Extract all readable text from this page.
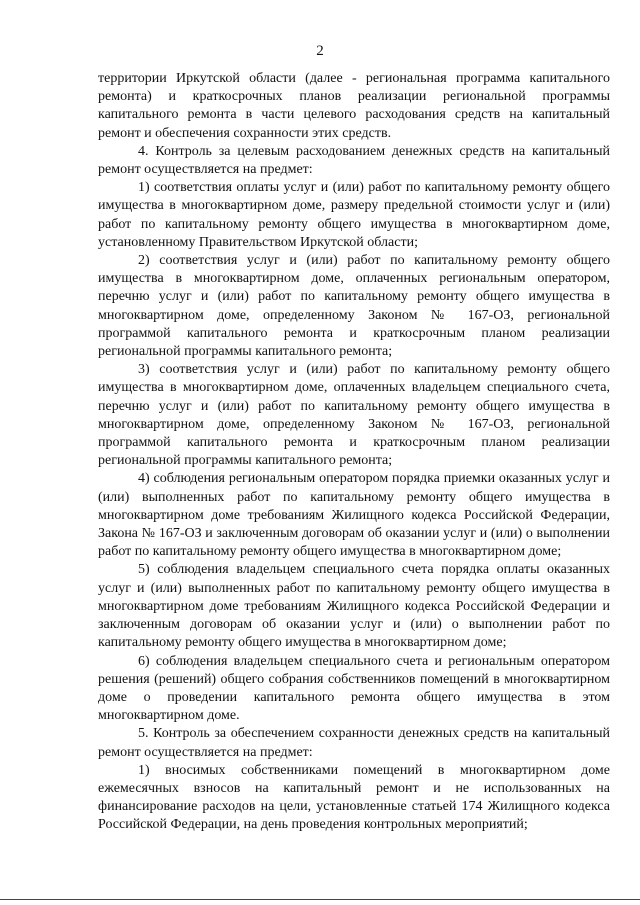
2

территории Иркутской области (далее - региональная программа капитального ремонта) и краткосрочных планов реализации региональной программы капитального ремонта в части целевого расходования средств на капитальный ремонт и обеспечения сохранности этих средств.

4. Контроль за целевым расходованием денежных средств на капитальный ремонт осуществляется на предмет:

1) соответствия оплаты услуг и (или) работ по капитальному ремонту общего имущества в многоквартирном доме, размеру предельной стоимости услуг и (или) работ по капитальному ремонту общего имущества в многоквартирном доме, установленному Правительством Иркутской области;

2) соответствия услуг и (или) работ по капитальному ремонту общего имущества в многоквартирном доме, оплаченных региональным оператором, перечню услуг и (или) работ по капитальному ремонту общего имущества в многоквартирном доме, определенному Законом № 167-ОЗ, региональной программой капитального ремонта и краткосрочным планом реализации региональной программы капитального ремонта;

3) соответствия услуг и (или) работ по капитальному ремонту общего имущества в многоквартирном доме, оплаченных владельцем специального счета, перечню услуг и (или) работ по капитальному ремонту общего имущества в многоквартирном доме, определенному Законом № 167-ОЗ, региональной программой капитального ремонта и краткосрочным планом реализации региональной программы капитального ремонта;

4) соблюдения региональным оператором порядка приемки оказанных услуг и (или) выполненных работ по капитальному ремонту общего имущества в многоквартирном доме требованиям Жилищного кодекса Российской Федерации, Закона № 167-ОЗ и заключенным договорам об оказании услуг и (или) о выполнении работ по капитальному ремонту общего имущества в многоквартирном доме;

5) соблюдения владельцем специального счета порядка оплаты оказанных услуг и (или) выполненных работ по капитальному ремонту общего имущества в многоквартирном доме требованиям Жилищного кодекса Российской Федерации и заключенным договорам об оказании услуг и (или) о выполнении работ по капитальному ремонту общего имущества в многоквартирном доме;

6) соблюдения владельцем специального счета и региональным оператором решения (решений) общего собрания собственников помещений в многоквартирном доме о проведении капитального ремонта общего имущества в этом многоквартирном доме.

5. Контроль за обеспечением сохранности денежных средств на капитальный ремонт осуществляется на предмет:

1) вносимых собственниками помещений в многоквартирном доме ежемесячных взносов на капитальный ремонт и не использованных на финансирование расходов на цели, установленные статьей 174 Жилищного кодекса Российской Федерации, на день проведения контрольных мероприятий;
